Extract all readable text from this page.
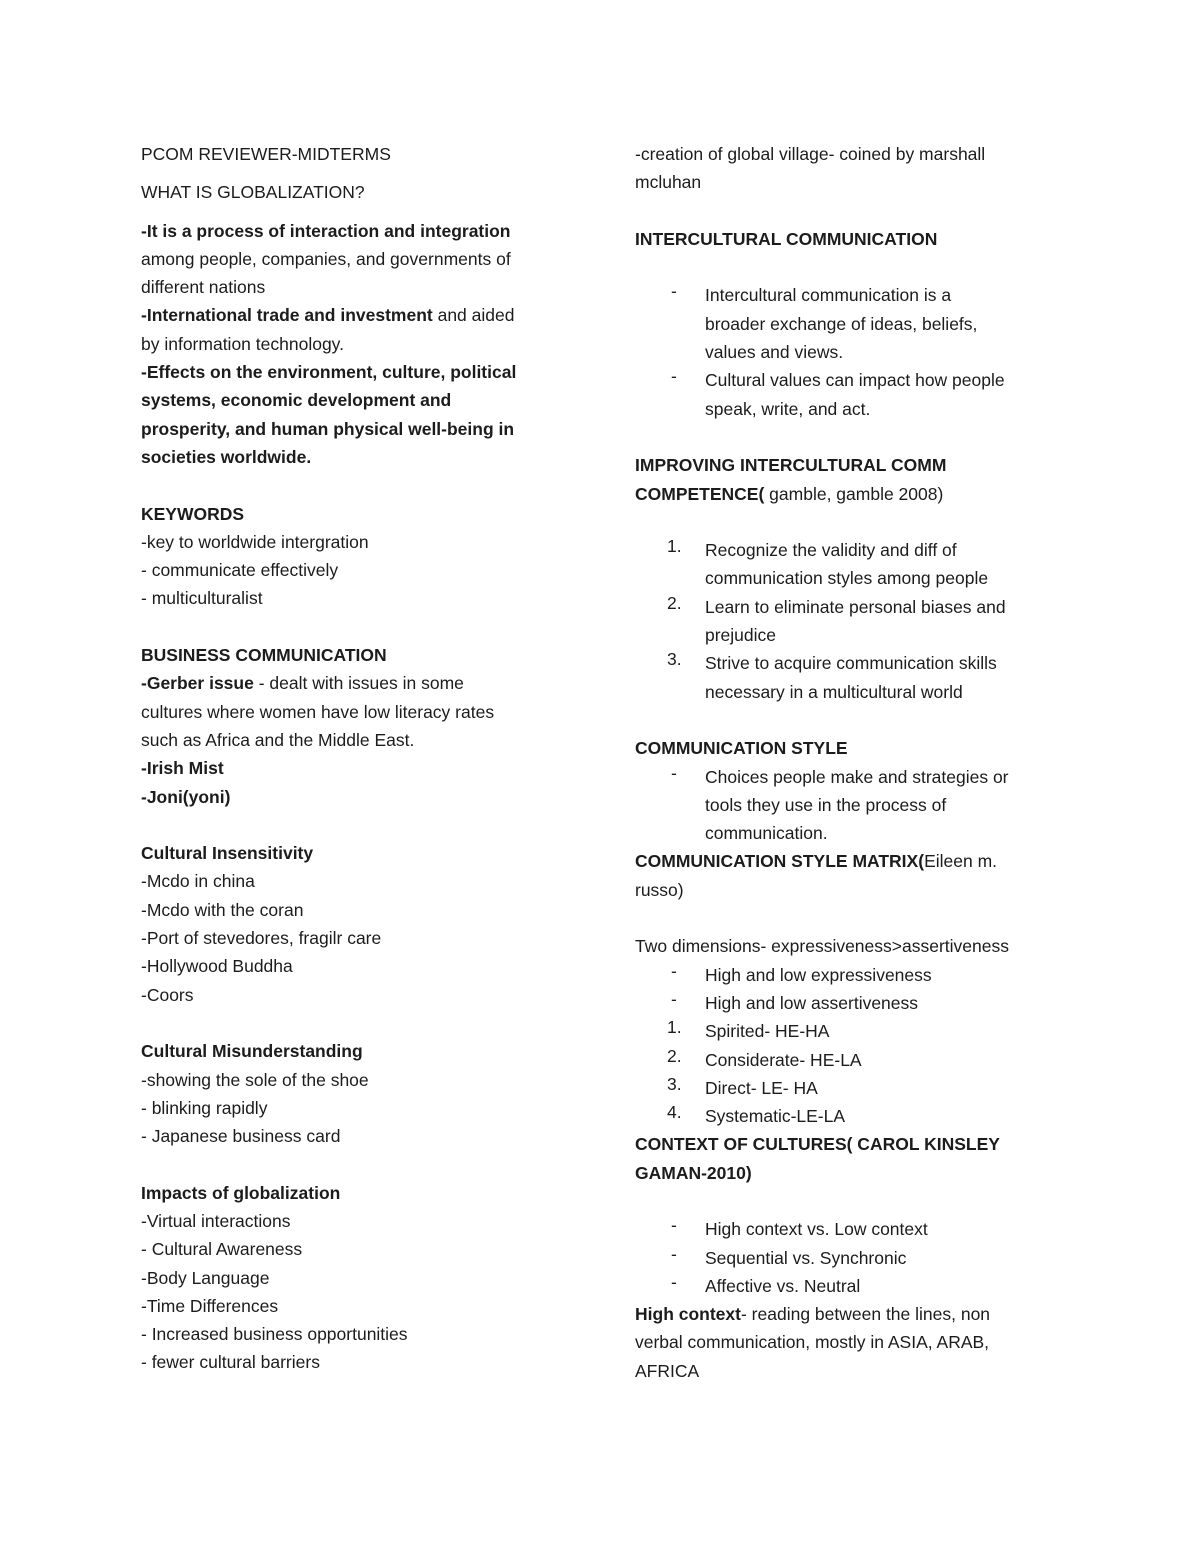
PCOM REVIEWER-MIDTERMS
WHAT IS GLOBALIZATION?
-It is a process of interaction and integration
among people, companies, and governments of
different nations
-International trade and investment and aided
by information technology.
-Effects on the environment, culture, political
systems, economic development and
prosperity, and human physical well-being in
societies worldwide.
KEYWORDS
-key to worldwide intergration
- communicate effectively
- multiculturalist
BUSINESS COMMUNICATION
-Gerber issue - dealt with issues in some
cultures where women have low literacy rates
such as Africa and the Middle East.
-Irish Mist
-Joni(yoni)
Cultural Insensitivity
-Mcdo in china
-Mcdo with the coran
-Port of stevedores, fragilr care
-Hollywood Buddha
-Coors
Cultural Misunderstanding
-showing the sole of the shoe
- blinking rapidly
- Japanese business card
Impacts of globalization
-Virtual interactions
- Cultural Awareness
-Body Language
-Time Differences
- Increased business opportunities
- fewer cultural barriers
-creation of global village- coined by marshall
mcluhan
INTERCULTURAL COMMUNICATION
-	Intercultural communication is a
broader exchange of ideas, beliefs,
values and views.
-	Cultural values can impact how people
speak, write, and act.
IMPROVING INTERCULTURAL COMM
COMPETENCE( gamble, gamble 2008)
1.	Recognize the validity and diff of
communication styles among people
2.	Learn to eliminate personal biases and
prejudice
3.	Strive to acquire communication skills
necessary in a multicultural world
COMMUNICATION STYLE
-	Choices people make and strategies or
tools they use in the process of
communication.
COMMUNICATION STYLE MATRIX(Eileen m.
russo)
Two dimensions- expressiveness>assertiveness
-	High and low expressiveness
-	High and low assertiveness
1.	Spirited- HE-HA
2.	Considerate- HE-LA
3.	Direct- LE- HA
4.	Systematic-LE-LA
CONTEXT OF CULTURES( CAROL KINSLEY
GAMAN-2010)
-	High context vs. Low context
-	Sequential vs. Synchronic
-	Affective vs. Neutral
High context- reading between the lines, non
verbal communication, mostly in ASIA, ARAB,
AFRICA
